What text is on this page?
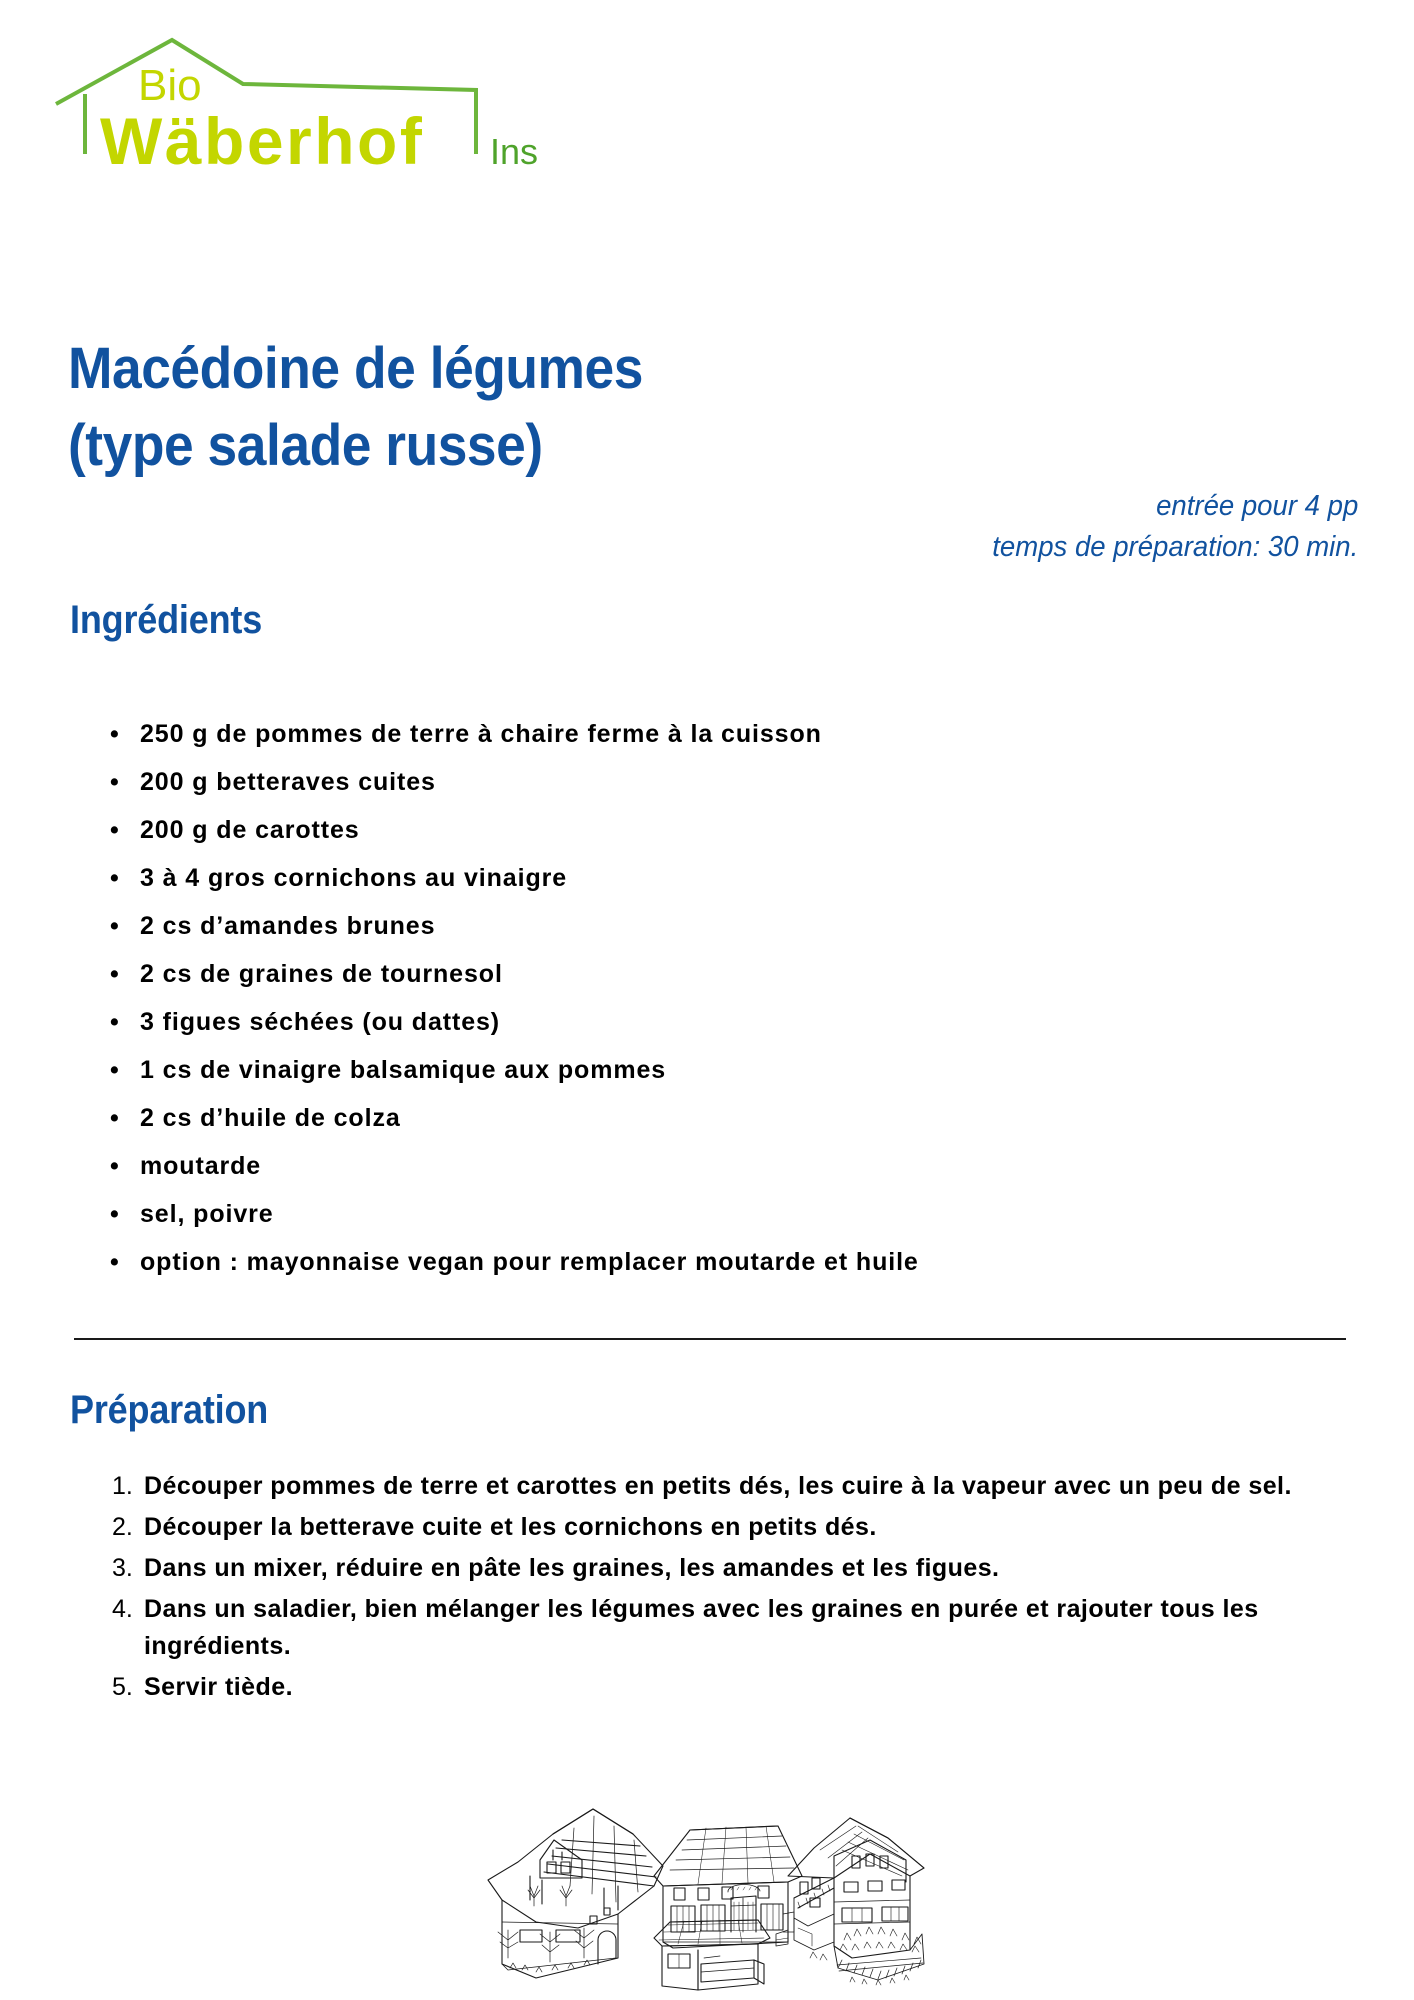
Bio
Wäberhof Ins
Macédoine de légumes
(type salade russe)
entrée pour 4 pp
temps de préparation: 30 min.
Ingrédients
• 250 g de pommes de terre à chaire ferme à la cuisson
• 200 g betteraves cuites
• 200 g de carottes
• 3 à 4 gros cornichons au vinaigre
• 2 cs d’amandes brunes
• 2 cs de graines de tournesol
• 3 figues séchées (ou dattes)
• 1 cs de vinaigre balsamique aux pommes
• 2 cs d’huile de colza
• moutarde
• sel, poivre
• option : mayonnaise vegan pour remplacer moutarde et huile
Préparation
1. Découper pommes de terre et carottes en petits dés, les cuire à la vapeur avec un peu de sel.
2. Découper la betterave cuite et les cornichons en petits dés.
3. Dans un mixer, réduire en pâte les graines, les amandes et les figues.
4. Dans un saladier, bien mélanger les légumes avec les graines en purée et rajouter tous les ingrédients.
5. Servir tiède.
